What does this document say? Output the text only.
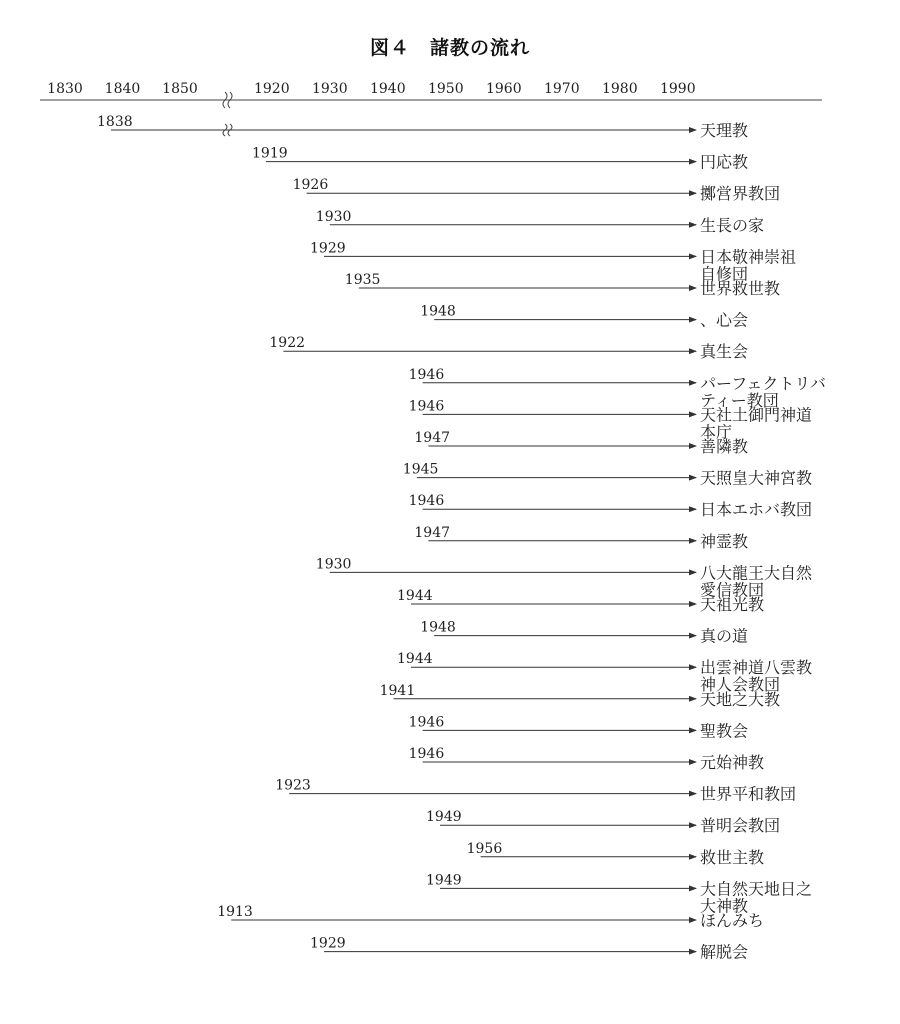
図４　諸教の流れ
1830 1840 1850	1920 1930 1940 1950 1960 1970 1980 1990
1838	天理教
1919	円応教
1926	擲営界教団
1930	生長の家
1929	日本敬神崇祖
自修団
1935	世界救世教
1948	、心会
1922	真生会
1946	パーフェクトリバ
ティー教団
1946	天社土御門神道
本庁
1947	善隣教
1945	天照皇大神宮教
1946	日本エホバ教団
1947	神霊教
1930	八大龍王大自然
愛信教団
1944	天祖光教
1948	真の道
1944	出雲神道八雲教
神人会教団
1941	天地之大教
1946	聖教会
1946	元始神教
1923	世界平和教団
1949	普明会教団
1956	救世主教
1949	大自然天地日之
大神教
1913	ほんみち
1929	解脱会
